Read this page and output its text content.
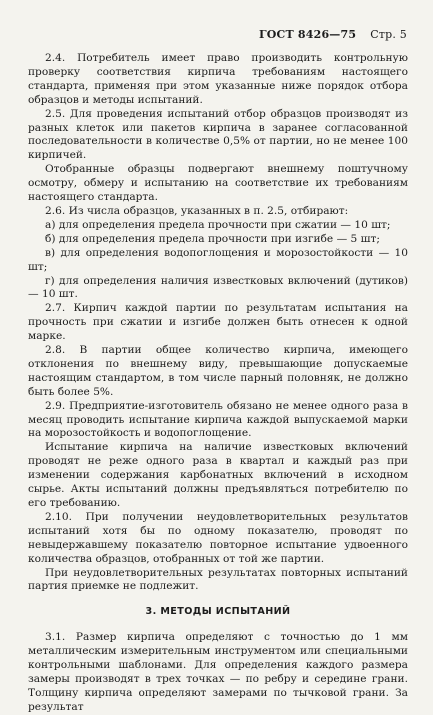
ГОСТ 8426—75 Стр. 5

2.4. Потребитель имеет право производить контрольную проверку соответствия кирпича требованиям настоящего стандарта, применяя при этом указанные ниже порядок отбора образцов и методы испытаний.

2.5. Для проведения испытаний отбор образцов производят из разных клеток или пакетов кирпича в заранее согласованной последовательности в количестве 0,5% от партии, но не менее 100 кирпичей.

Отобранные образцы подвергают внешнему поштучному осмотру, обмеру и испытанию на соответствие их требованиям настоящего стандарта.

2.6. Из числа образцов, указанных в п. 2.5, отбирают:

а) для определения предела прочности при сжатии — 10 шт;

б) для определения предела прочности при изгибе — 5 шт;

в) для определения водопоглощения и морозостойкости — 10 шт;

г) для определения наличия известковых включений (дутиков) — 10 шт.

2.7. Кирпич каждой партии по результатам испытания на прочность при сжатии и изгибе должен быть отнесен к одной марке.

2.8. В партии общее количество кирпича, имеющего отклонения по внешнему виду, превышающие допускаемые настоящим стандартом, в том числе парный половняк, не должно быть более 5%.

2.9. Предприятие-изготовитель обязано не менее одного раза в месяц проводить испытание кирпича каждой выпускаемой марки на морозостойкость и водопоглощение.

Испытание кирпича на наличие известковых включений проводят не реже одного раза в квартал и каждый раз при изменении содержания карбонатных включений в исходном сырье. Акты испытаний должны предъявляться потребителю по его требованию.

2.10. При получении неудовлетворительных результатов испытаний хотя бы по одному показателю, проводят по невыдержавшему показателю повторное испытание удвоенного количества образцов, отобранных от той же партии.

При неудовлетворительных результатах повторных испытаний партия приемке не подлежит.

3. МЕТОДЫ ИСПЫТАНИЙ

3.1. Размер кирпича определяют с точностью до 1 мм металлическим измерительным инструментом или специальными контрольными шаблонами. Для определения каждого размера замеры производят в трех точках — по ребру и середине грани. Толщину кирпича определяют замерами по тычковой грани. За результат
